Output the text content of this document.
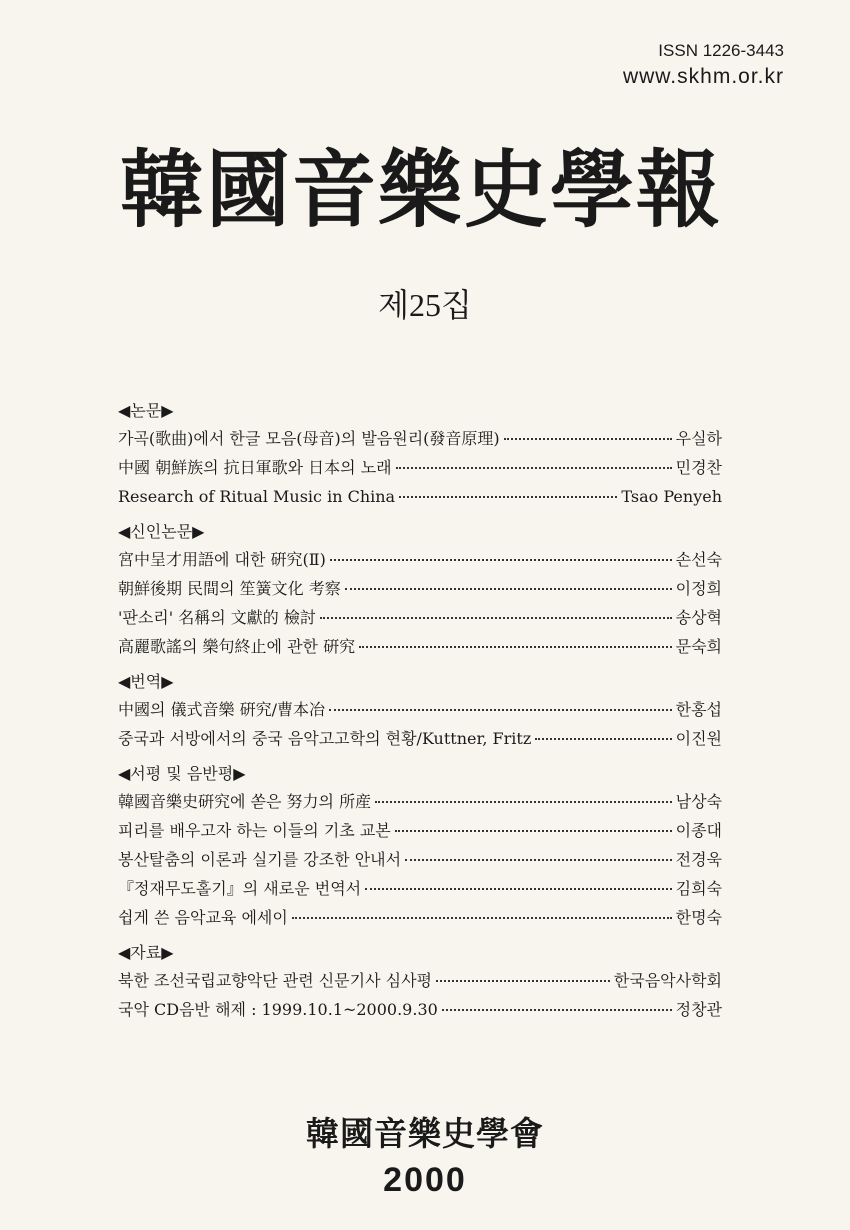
ISSN 1226-3443
www.skhm.or.kr
韓國音樂史學報
제25집
◀논문▶
가곡(歌曲)에서 한글 모음(母音)의 발음원리(發音原理)	우실하
中國 朝鮮族의 抗日軍歌와 日本의 노래	민경찬
Research of Ritual Music in China	Tsao Penyeh
◀신인논문▶
宮中呈才用語에 대한 硏究(Ⅱ)	손선숙
朝鮮後期 民間의 笙簧文化 考察	이정희
'판소리' 名稱의 文獻的 檢討	송상혁
高麗歌謠의 樂句終止에 관한 硏究	문숙희
◀번역▶
中國의 儀式音樂 硏究/曹本冶	한홍섭
중국과 서방에서의 중국 음악고고학의 현황/Kuttner, Fritz	이진원
◀서평 및 음반평▶
韓國音樂史硏究에 쏟은 努力의 所産	남상숙
피리를 배우고자 하는 이들의 기초 교본	이종대
봉산탈춤의 이론과 실기를 강조한 안내서	전경욱
『정재무도홀기』의 새로운 번역서	김희숙
쉽게 쓴 음악교육 에세이	한명숙
◀자료▶
북한 조선국립교향악단 관련 신문기사 심사평	한국음악사학회
국악 CD음반 해제 : 1999.10.1~2000.9.30	정창관
韓國音樂史學會
2000
